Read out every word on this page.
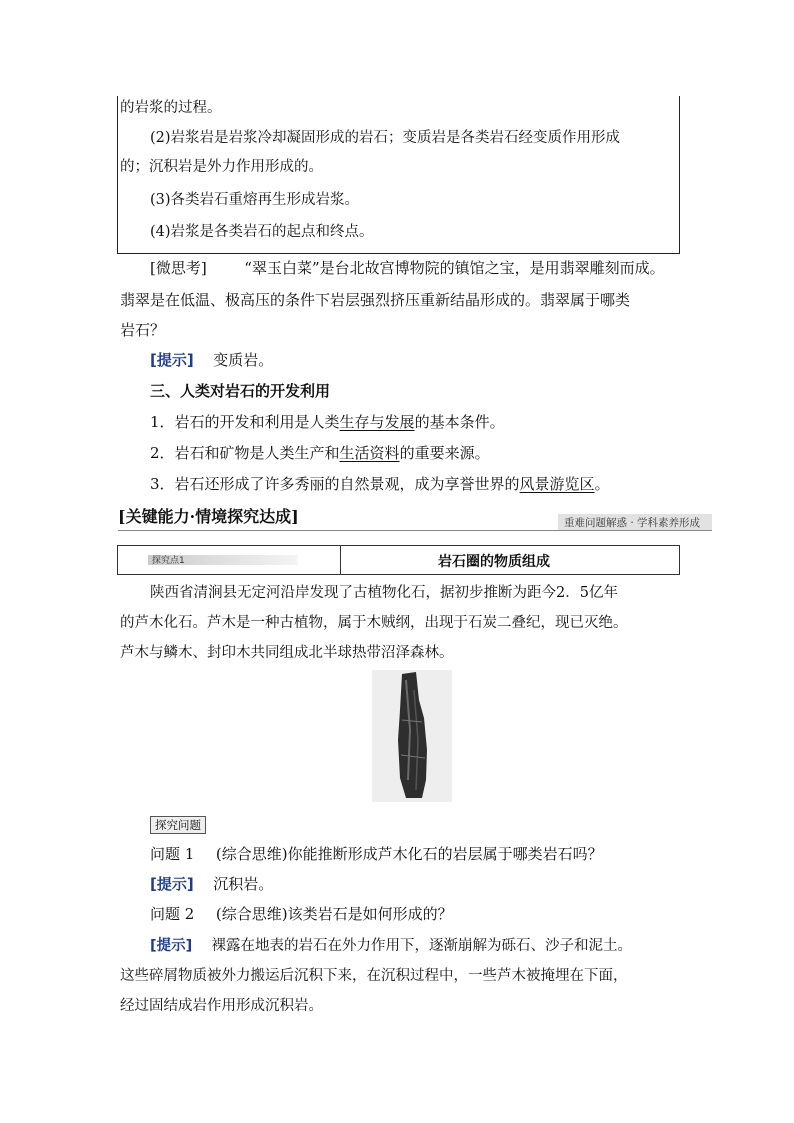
的岩浆的过程。
(2)岩浆岩是岩浆冷却凝固形成的岩石；变质岩是各类岩石经变质作用形成
的；沉积岩是外力作用形成的。
(3)各类岩石重熔再生形成岩浆。
(4)岩浆是各类岩石的起点和终点。
[微思考]	“翠玉白菜”是台北故宫博物院的镇馆之宝，是用翡翠雕刻而成。
翡翠是在低温、极高压的条件下岩层强烈挤压重新结晶形成的。翡翠属于哪类
岩石？
[提示] 变质岩。
三、人类对岩石的开发利用
1．岩石的开发和利用是人类生存与发展的基本条件。
2．岩石和矿物是人类生产和生活资料的重要来源。
3．岩石还形成了许多秀丽的自然景观，成为享誉世界的风景游览区。
[关键能力·情境探究达成]	重难问题解惑 · 学科素养形成
探究点1	岩石圈的物质组成
陕西省清涧县无定河沿岸发现了古植物化石，据初步推断为距今2．5亿年
的芦木化石。芦木是一种古植物，属于木贼纲，出现于石炭二叠纪，现已灭绝。
芦木与鳞木、封印木共同组成北半球热带沼泽森林。
探究问题
问题 1 (综合思维)你能推断形成芦木化石的岩层属于哪类岩石吗？
[提示] 沉积岩。
问题 2 (综合思维)该类岩石是如何形成的？
[提示] 裸露在地表的岩石在外力作用下，逐渐崩解为砾石、沙子和泥土。
这些碎屑物质被外力搬运后沉积下来，在沉积过程中，一些芦木被掩埋在下面，
经过固结成岩作用形成沉积岩。
